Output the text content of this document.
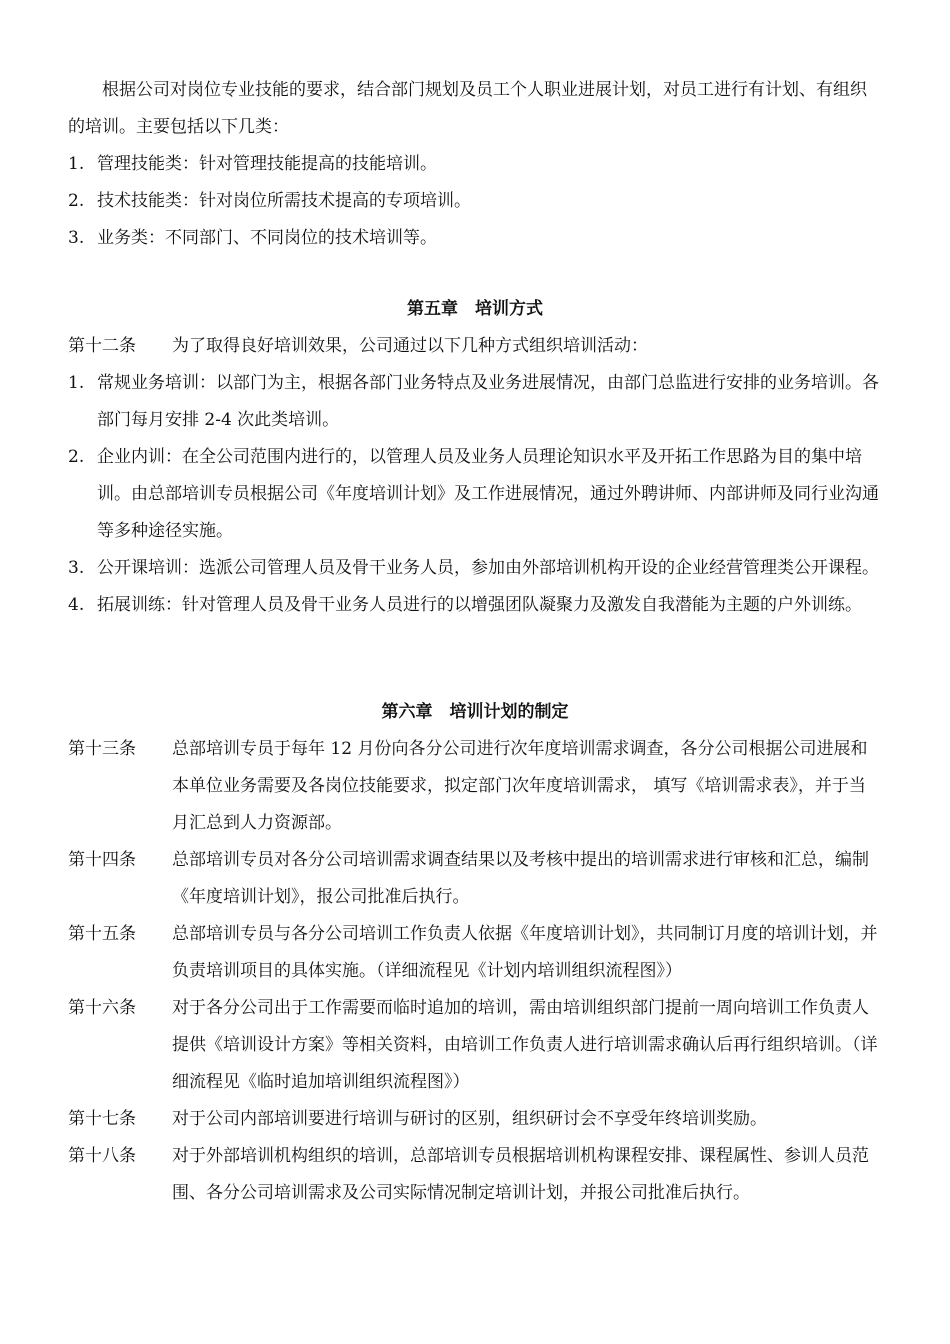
根据公司对岗位专业技能的要求，结合部门规划及员工个人职业进展计划，对员工进行有计划、有组织的培训。主要包括以下几类：

1. 管理技能类：针对管理技能提高的技能培训。
2. 技术技能类：针对岗位所需技术提高的专项培训。
3. 业务类：不同部门、不同岗位的技术培训等。

第五章　培训方式

第十二条	为了取得良好培训效果，公司通过以下几种方式组织培训活动：
1. 常规业务培训：以部门为主，根据各部门业务特点及业务进展情况，由部门总监进行安排的业务培训。各部门每月安排 2-4 次此类培训。
2. 企业内训：在全公司范围内进行的，以管理人员及业务人员理论知识水平及开拓工作思路为目的集中培训。由总部培训专员根据公司《年度培训计划》及工作进展情况，通过外聘讲师、内部讲师及同行业沟通等多种途径实施。
3. 公开课培训：选派公司管理人员及骨干业务人员，参加由外部培训机构开设的企业经营管理类公开课程。
4. 拓展训练：针对管理人员及骨干业务人员进行的以增强团队凝聚力及激发自我潜能为主题的户外训练。

第六章　培训计划的制定

第十三条	总部培训专员于每年 12 月份向各分公司进行次年度培训需求调查，各分公司根据公司进展和本单位业务需要及各岗位技能要求，拟定部门次年度培训需求， 填写《培训需求表》，并于当月汇总到人力资源部。
第十四条	总部培训专员对各分公司培训需求调查结果以及考核中提出的培训需求进行审核和汇总，编制《年度培训计划》，报公司批准后执行。
第十五条	总部培训专员与各分公司培训工作负责人依据《年度培训计划》，共同制订月度的培训计划，并负责培训项目的具体实施。（详细流程见《计划内培训组织流程图》）
第十六条	对于各分公司出于工作需要而临时追加的培训，需由培训组织部门提前一周向培训工作负责人提供《培训设计方案》等相关资料，由培训工作负责人进行培训需求确认后再行组织培训。（详细流程见《临时追加培训组织流程图》）
第十七条	对于公司内部培训要进行培训与研讨的区别，组织研讨会不享受年终培训奖励。
第十八条	对于外部培训机构组织的培训，总部培训专员根据培训机构课程安排、课程属性、参训人员范围、各分公司培训需求及公司实际情况制定培训计划，并报公司批准后执行。
